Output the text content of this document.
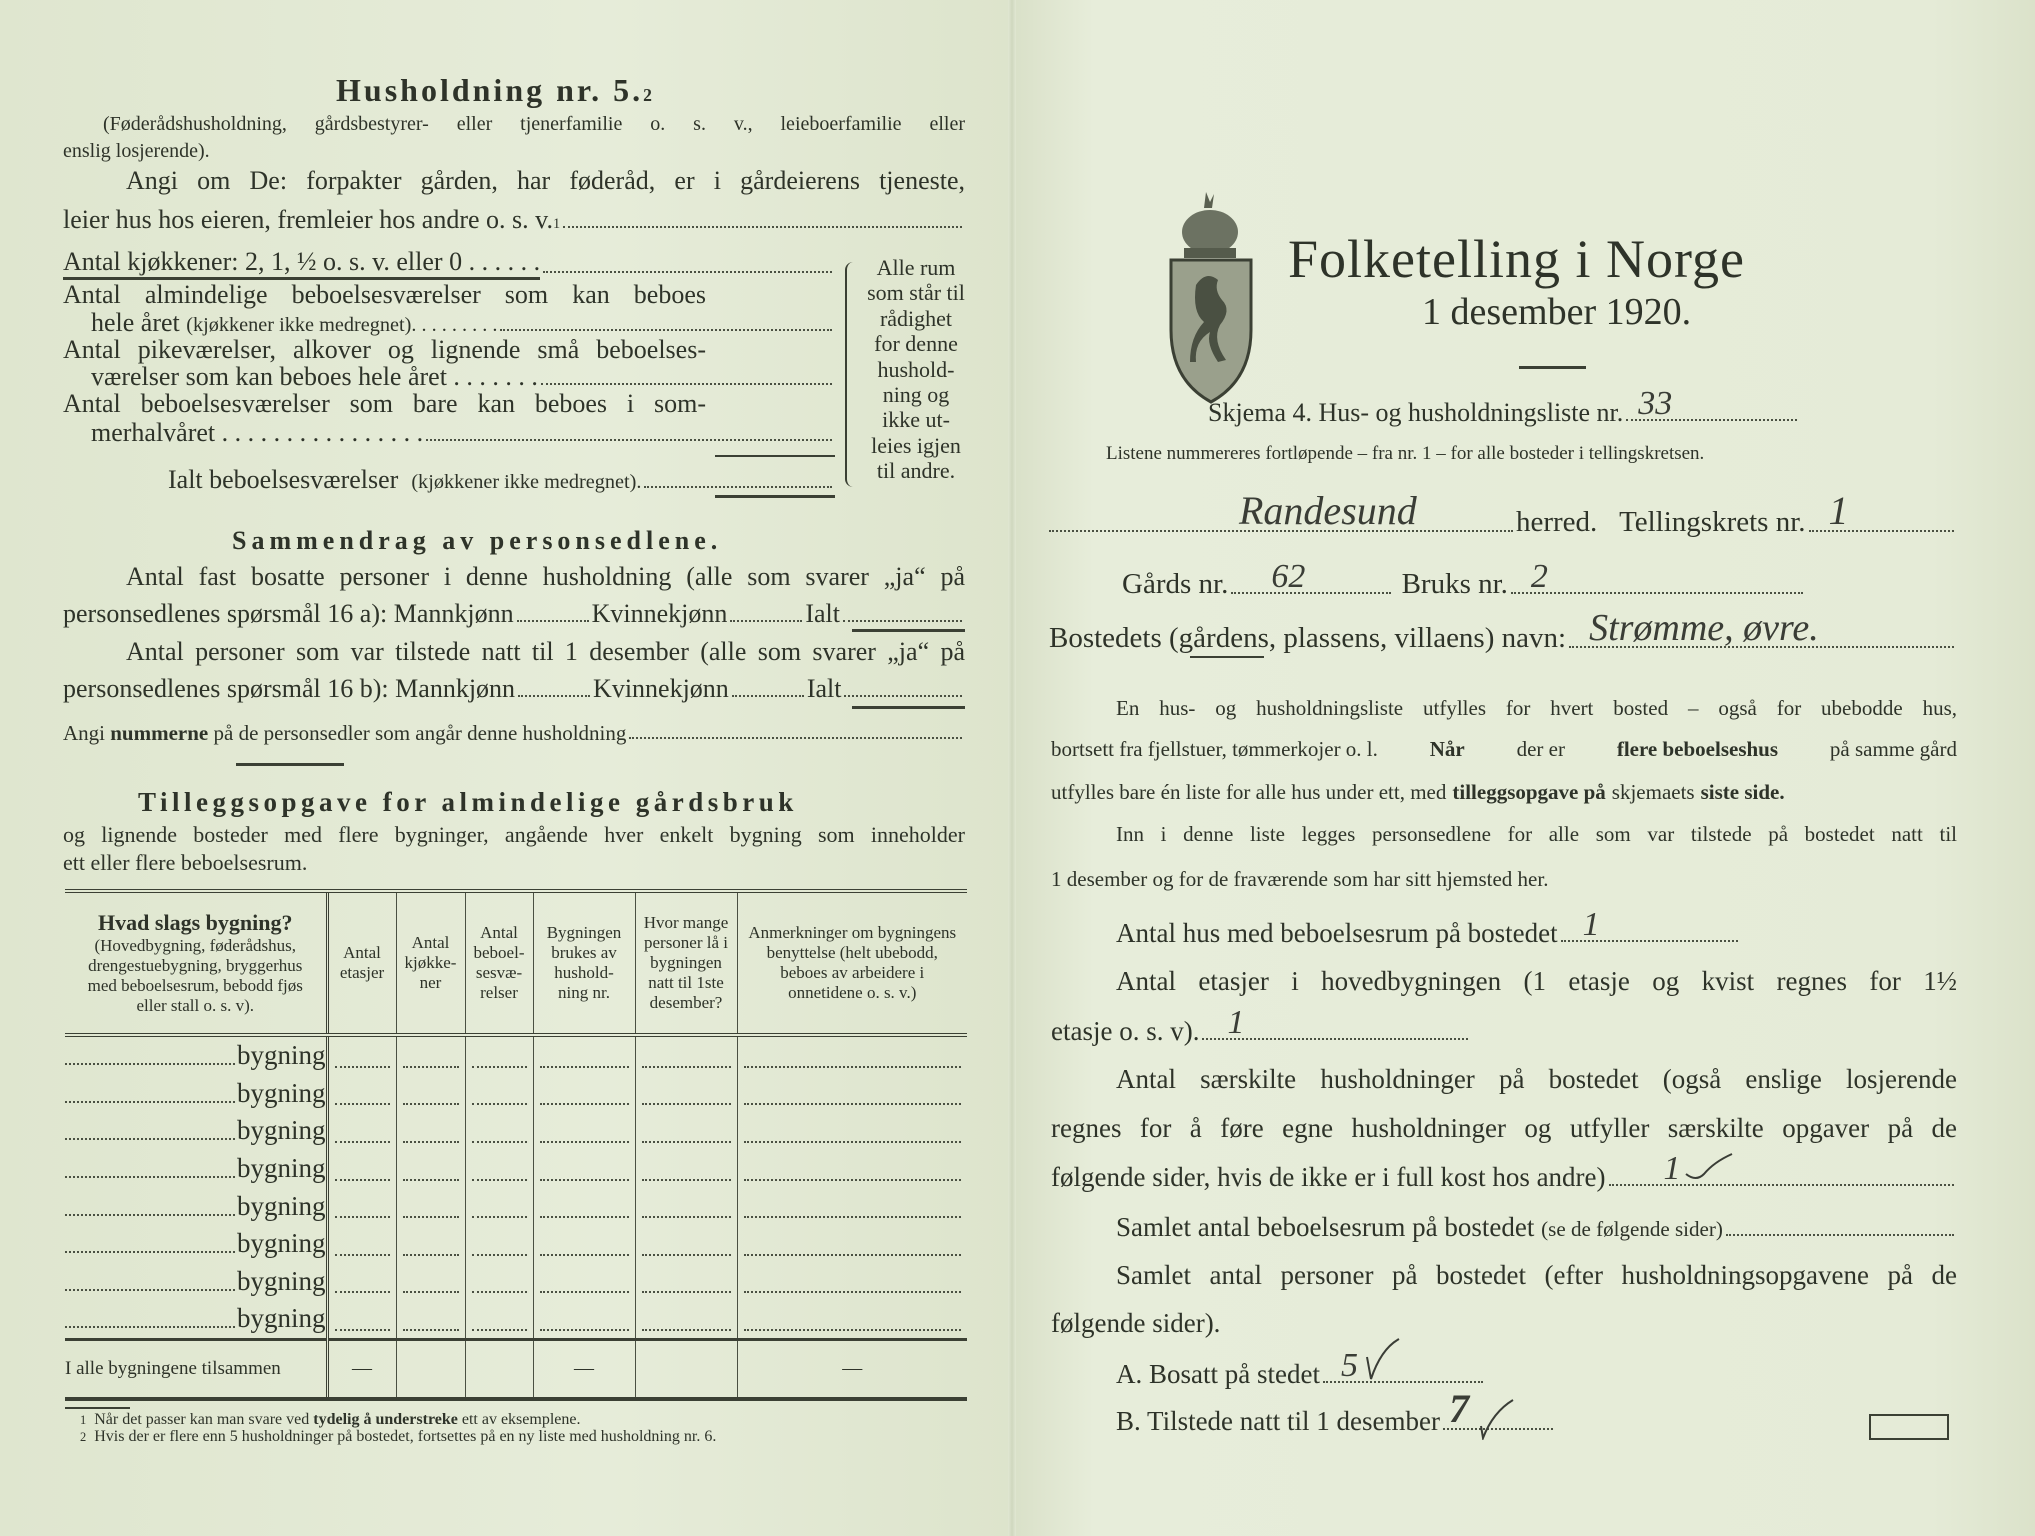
Husholdning nr. 5. 2
(Føderådshusholdning, gårdsbestyrer- eller tjenerfamilie o. s. v., leieboerfamilie eller
enslig losjerende).
Angi om De: forpakter gården, har føderåd, er i gårdeierens tjeneste,
leier hus hos eieren, fremleier hos andre o. s. v. 1
Antal kjøkkener: 2, 1, ½ o. s. v. eller 0 . . . . . .
Antal almindelige beboelsesværelser som kan beboes
hele året
(kjøkkener ikke medregnet). . . . . . . . .
Antal pikeværelser, alkover og lignende små beboelses-
værelser som kan beboes hele året . . . . . . .
Antal beboelsesværelser som bare kan beboes i som-
merhalvåret . . . . . . . . . . . . . . . .
Ialt beboelsesværelser
(kjøkkener ikke medregnet).
Alle rum
som står til
rådighet
for denne
hushold-
ning og
ikke ut-
leies igjen
til andre.
Sammendrag av personsedlene.
Antal fast bosatte personer i denne husholdning (alle som svarer „ja“ på
personsedlenes spørsmål 16 a): Mannkjønn	Kvinnekjønn	Ialt
Antal personer som var tilstede natt til 1 desember (alle som svarer „ja“ på
personsedlenes spørsmål 16 b): Mannkjønn	Kvinnekjønn	Ialt
Angi
nummerne
på de personsedler som angår denne husholdning
Tilleggsopgave for almindelige gårdsbruk
og lignende bosteder med flere bygninger, angående hver enkelt bygning som inneholder
ett eller flere beboelsesrum.
Hvad slags bygning?
(Hovedbygning, føderådshus, drengestuebygning, bryggerhus med beboelsesrum, bebodd fjøs eller stall o. s. v).	Antal etasjer	Antal kjøkke-ner	Antal beboel-sesvæ-relser	Bygningen brukes av hushold-ning nr.	Hvor mange personer lå i bygningen natt til 1ste desember?	Anmerkninger om bygningens benyttelse (helt ubebodd, beboes av arbeidere i onnetidene o. s. v.)

bygning						

bygning						

bygning						

bygning						

bygning						

bygning						

bygning						

bygning						

I alle bygningene tilsammen	—			—		—
1
Når det passer kan man svare ved
tydelig å understreke
ett av eksemplene.
2
Hvis der er flere enn 5 husholdninger på bostedet, fortsettes på en ny liste med husholdning nr. 6.
Folketelling i Norge
1 desember 1920.
Skjema 4. Hus- og husholdningsliste nr. 33
Listene nummereres fortløpende – fra nr. 1 – for alle bosteder i tellingskretsen.
Randesund	herred.
Tellingskrets nr. 1
Gårds nr. 62
	Bruks nr. 2
Bostedets (gårdens, plassens, villaens) navn: Strømme, øvre.
En hus- og husholdningsliste utfylles for hvert bosted – også for ubebodde hus,
bortsett fra fjellstuer, tømmerkojer o. l. Når der er flere beboelseshus på samme gård
utfylles bare én liste for alle hus under ett, med tilleggsopgave på skjemaets siste side.
Inn i denne liste legges personsedlene for alle som var tilstede på bostedet natt til
1 desember og for de fraværende som har sitt hjemsted her.
Antal hus med beboelsesrum på bostedet 1
Antal etasjer i hovedbygningen (1 etasje og kvist regnes for 1½
etasje o. s. v). 1
Antal særskilte husholdninger på bostedet (også enslige losjerende
regnes for å føre egne husholdninger og utfyller særskilte opgaver på de
følgende sider, hvis de ikke er i full kost hos andre) 1
Samlet antal beboelsesrum på bostedet
(se de følgende sider)
Samlet antal personer på bostedet (efter husholdningsopgavene på de
følgende sider).
A. Bosatt på stedet 5
B. Tilstede natt til 1 desember 7
